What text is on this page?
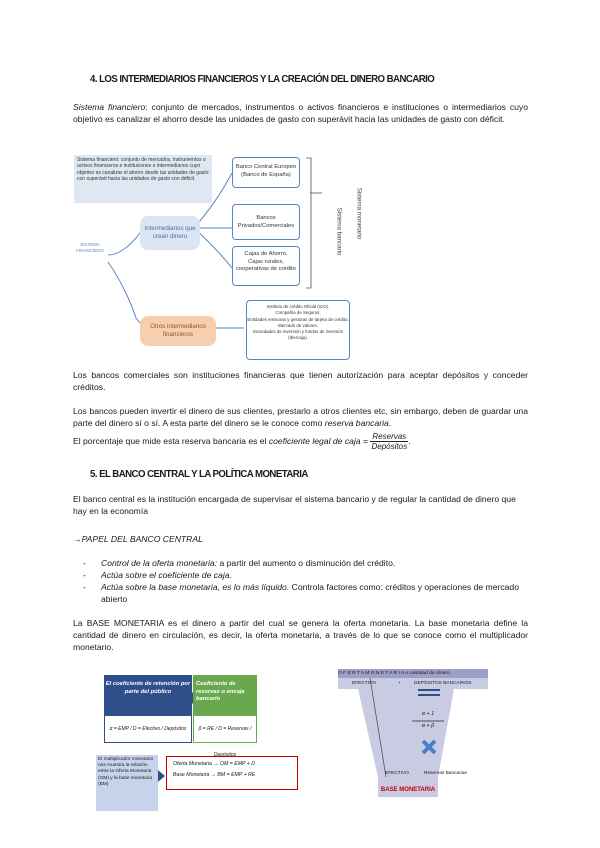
4. LOS INTERMEDIARIOS FINANCIEROS Y LA CREACIÓN DEL DINERO BANCARIO
Sistema financiero: conjunto de mercados, instrumentos o activos financieros e instituciones o intermediarios cuyo objetivo es canalizar el ahorro desde las unidades de gasto con superávit hacia las unidades de gasto con déficit.
Sistema financiero: conjunto de mercados, instrumentos o activos financieros e instituciones o intermediarios cuyo objetivo es canalizar el ahorro desde las unidades de gasto con superávit hacia las unidades de gasto con déficit.
SISTEMA FINANCIERO
Intermediarios que crean dinero
Otros intermediarios financieros
Banco Central Europeo (Banco de España)
Bancos Privados/Comerciales
Cajas de Ahorro.
Cajas rurales, cooperativas de crédito
Instituto de crédito Oficial (ICO).
Compañía de Seguros.
Entidades emisoras y gestoras de tarjeta de crédito.
Mercado de valores.
Sociedades de inversión y fondos de inversión (Ibercaja).
Sistema bancario Sistema monetario
Los bancos comerciales son instituciones financieras que tienen autorización para aceptar depósitos y conceder créditos.
Los bancos pueden invertir el dinero de sus clientes, prestarlo a otros clientes etc, sin embargo, deben de guardar una parte del dinero sí o sí. A esta parte del dinero se le conoce como reserva bancaria.
El porcentaje que mide esta reserva bancaria es el coeficiente legal de caja = Reservas
Depósitos
.
5. EL BANCO CENTRAL Y LA POLÍTICA MONETARIA
El banco central es la institución encargada de supervisar el sistema bancario y de regular la cantidad de dinero que hay en la economía
→PAPEL DEL BANCO CENTRAL
- Control de la oferta monetaria: a partir del aumento o disminución del crédito.
- Actúa sobre el coeficiente de caja.
- Actúa sobre la base monetaria, es lo más líquido. Controla factores como: créditos y operaciones de mercado abierto
La BASE MONETARIA es el dinero a partir del cual se genera la oferta monetaria. La base monetaria define la cantidad de dinero en circulación, es decir, la oferta monetaria, a través de lo que se conoce como el multiplicador monetario.
El coeficiente de retención por parte del público
α = EMP / D = Efectivo / Depósitos
Coeficiente de reservas o encaje bancario
β = RE / D = Reservas / Depósitos
El multiplicador monetario nos muestra la relación entre la Oferta Monetaria (OM) y la base monetaria (BM)
Oferta Monetaria → OM = EMP + D
Base Monetaria → BM = EMP + RE
O F E R T A M O N E T A R I A o cantidad de dinero
EFECTIVO	+	DEPÓSITOS BANCARIOS
α + 1
α + β
EFECTIVO	Reservas Bancarias
BASE MONETARIA
